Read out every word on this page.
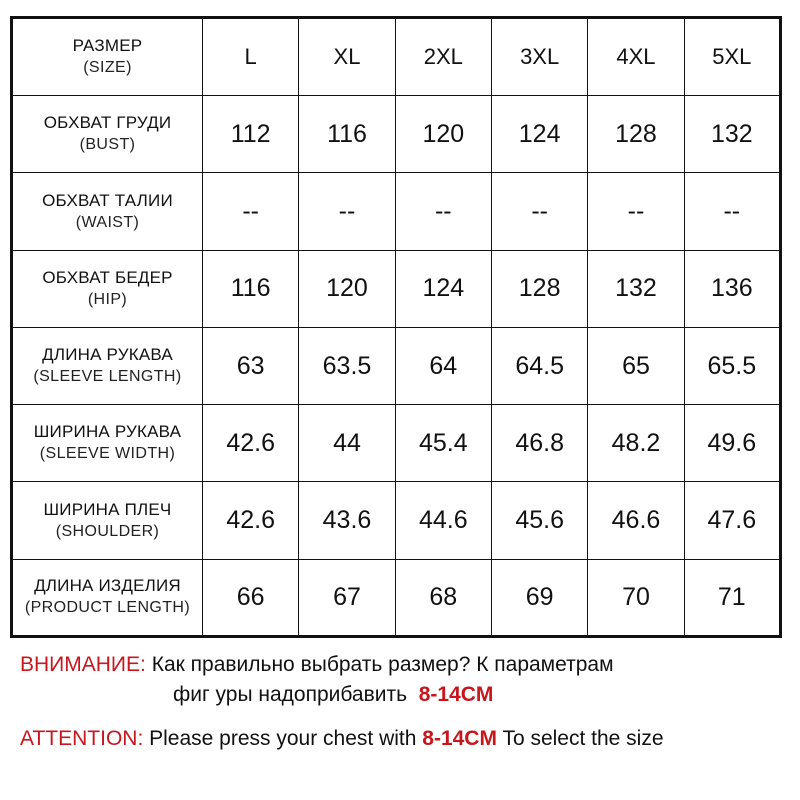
РАЗМЕР
(SIZE)	L	XL	2XL	3XL	4XL	5XL

ОБХВАТ ГРУДИ
(BUST)	112	116	120	124	128	132

ОБХВАТ ТАЛИИ
(WAIST)	--	--	--	--	--	--

ОБХВАТ БЕДЕР
(HIP)	116	120	124	128	132	136

ДЛИНА РУКАВА
(SLEEVE LENGTH)	63	63.5	64	64.5	65	65.5

ШИРИНА РУКАВА
(SLEEVE WIDTH)	42.6	44	45.4	46.8	48.2	49.6

ШИРИНА ПЛЕЧ
(SHOULDER)	42.6	43.6	44.6	45.6	46.6	47.6

ДЛИНА ИЗДЕЛИЯ
(PRODUCT LENGTH)	66	67	68	69	70	71
ВНИМАНИЕ: Как правильно выбрать размер? К параметрам
фиг уры надоприбавить 8-14CM
ATTENTION: Please press your chest with 8-14CM To select the size
